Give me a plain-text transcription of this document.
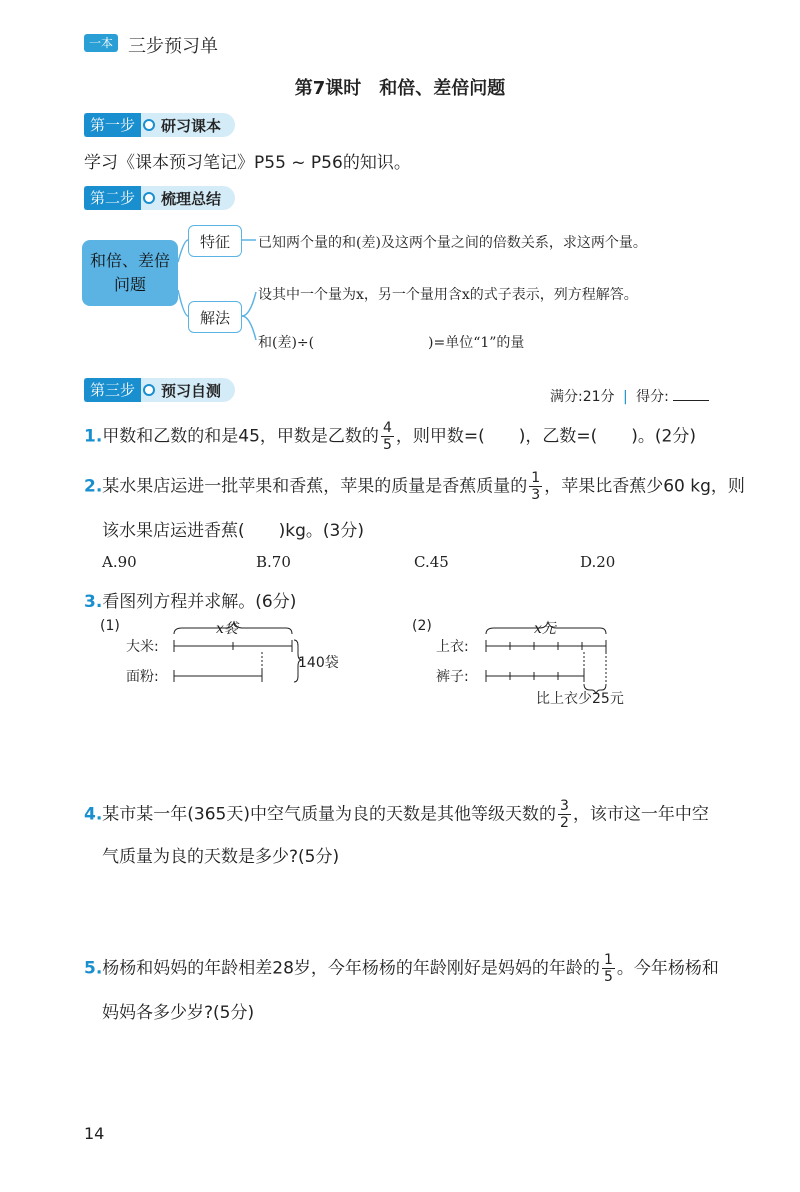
一本 三步预习单
第7课时　和倍、差倍问题
第一步	研习课本
学习《课本预习笔记》P55 ~ P56的知识。
第二步	梳理总结
和倍、差倍
问题
特征	已知两个量的和(差)及这两个量之间的倍数关系，求这两个量。
解法
设其中一个量为x，另一个量用含x的式子表示，列方程解答。
和(差)÷(	)=单位“1”的量
第三步	预习自测	满分:21分 | 得分:
1.甲数和乙数的和是45，甲数是乙数的 $\frac{4}{5}$ ，则甲数=(　　)，乙数=(　　)。(2分)
2.某水果店运进一批苹果和香蕉，苹果的质量是香蕉质量的 $\frac{1}{3}$ ，苹果比香蕉少60 kg，则
该水果店运进香蕉(　　)kg。(3分)
A.90	B.70	C.45	D.20
3.看图列方程并求解。(6分)
(1)	x袋
大米:
面粉:
140袋
(2)	x元
上衣:
裤子:
比上衣少25元
4.某市某一年(365天)中空气质量为良的天数是其他等级天数的 $\frac{3}{2}$ ，该市这一年中空
气质量为良的天数是多少?(5分)
5.杨杨和妈妈的年龄相差28岁，今年杨杨的年龄刚好是妈妈的年龄的 $\frac{1}{5}$ 。今年杨杨和
妈妈各多少岁?(5分)
14
